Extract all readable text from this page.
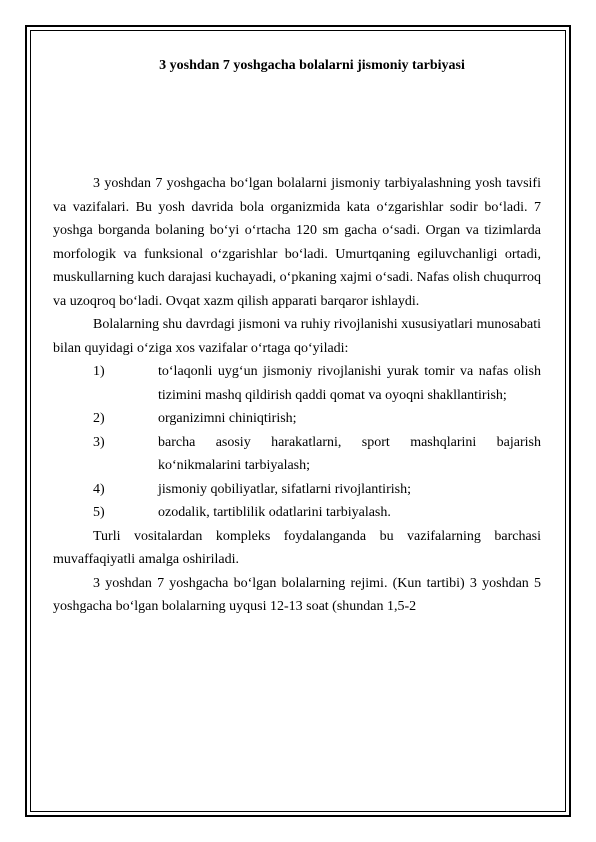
3 yoshdan 7 yoshgacha bolalarni jismoniy tarbiyasi

3 yoshdan 7 yoshgacha bo‘lgan bolalarni jismoniy tarbiyalashning yosh tavsifi va vazifalari. Bu yosh davrida bola organizmida kata o‘zgarishlar sodir bo‘ladi. 7 yoshga borganda bolaning bo‘yi o‘rtacha 120 sm gacha o‘sadi. Organ va tizimlarda morfologik va funksional o‘zgarishlar bo‘ladi. Umurtqaning egiluvchanligi ortadi, muskullarning kuch darajasi kuchayadi, o‘pkaning xajmi o‘sadi. Nafas olish chuqurroq va uzoqroq bo‘ladi. Ovqat xazm qilish apparati barqaror ishlaydi.

Bolalarning shu davrdagi jismoni va ruhiy rivojlanishi xususiyatlari munosabati bilan quyidagi o‘ziga xos vazifalar o‘rtaga qo‘yiladi:

1)	to‘laqonli uyg‘un jismoniy rivojlanishi yurak tomir va nafas olish tizimini mashq qildirish qaddi qomat va oyoqni shakllantirish;
2)	organizimni chiniqtirish;
3)	barcha asosiy harakatlarni, sport mashqlarini bajarish ko‘nikmalarini tarbiyalash;
4)	jismoniy qobiliyatlar, sifatlarni rivojlantirish;
5)	ozodalik, tartiblilik odatlarini tarbiyalash.

Turli vositalardan kompleks foydalanganda bu vazifalarning barchasi muvaffaqiyatli amalga oshiriladi.

3 yoshdan 7 yoshgacha bo‘lgan bolalarning rejimi. (Kun tartibi) 3 yoshdan 5 yoshgacha bo‘lgan bolalarning uyqusi 12-13 soat (shundan 1,5-2
